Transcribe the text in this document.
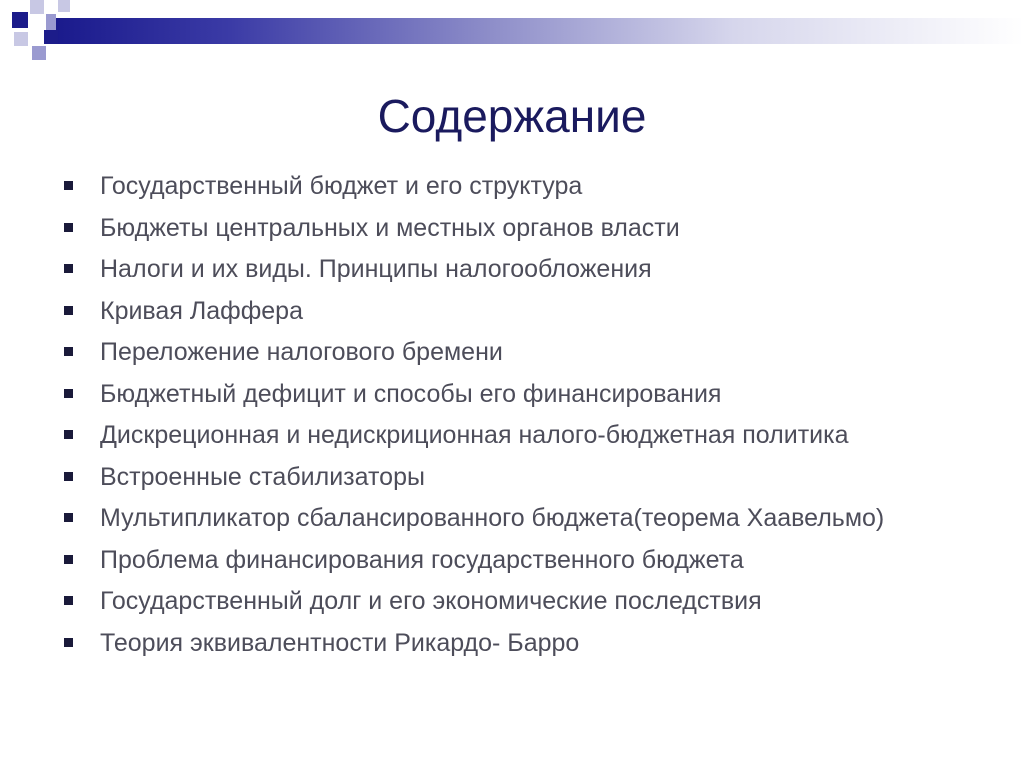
Содержание
Государственный бюджет и его структура
Бюджеты центральных и местных органов власти
Налоги и их виды. Принципы налогообложения
Кривая Лаффера
Переложение налогового бремени
Бюджетный дефицит и способы его финансирования
Дискреционная и недискриционная налого-бюджетная политика
Встроенные стабилизаторы
Мультипликатор сбалансированного бюджета(теорема Хаавельмо)
Проблема финансирования государственного бюджета
Государственный долг и его экономические последствия
Теория эквивалентности Рикардо- Барро
